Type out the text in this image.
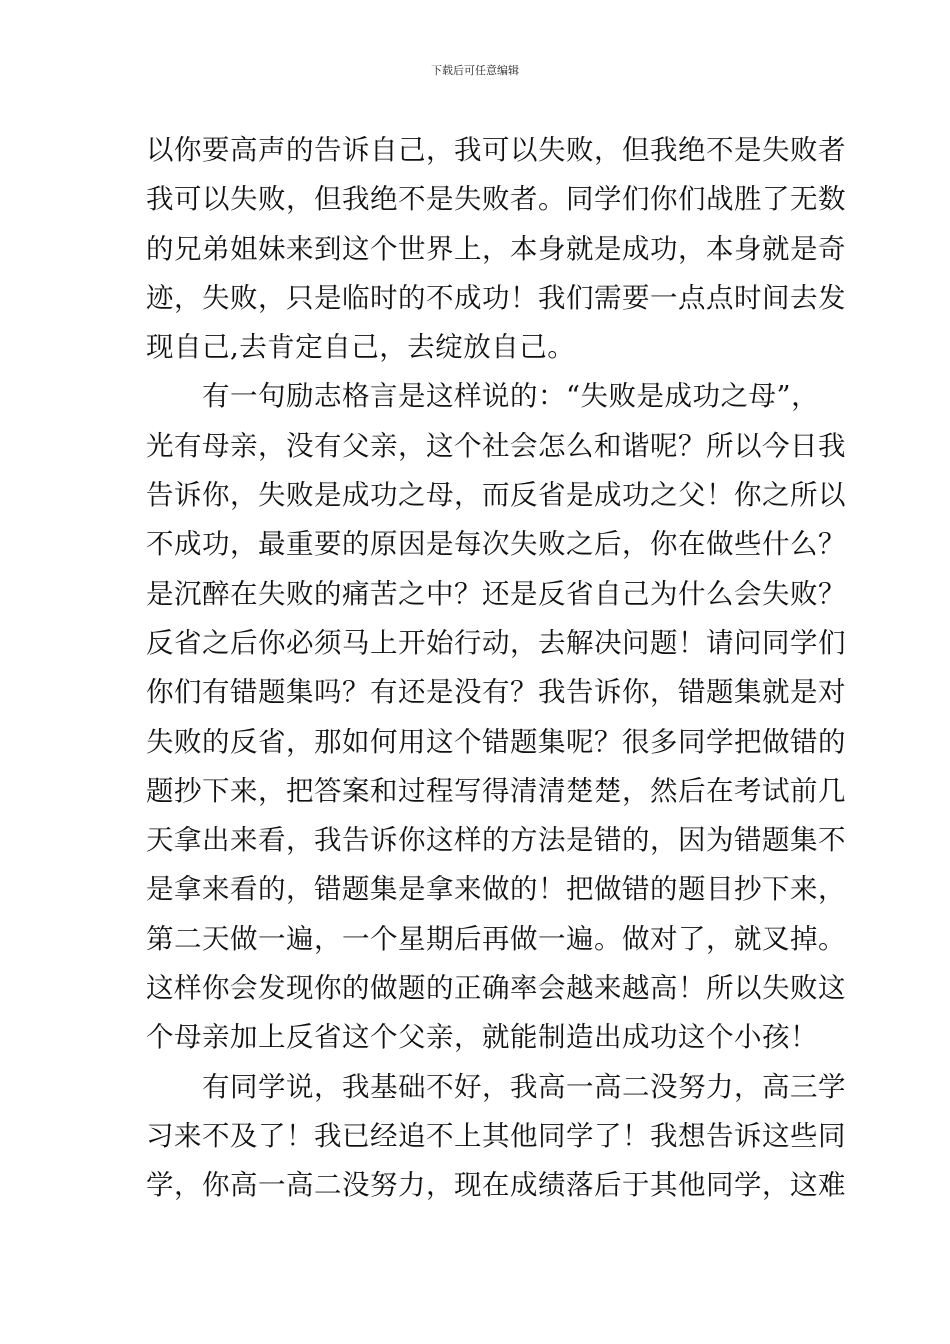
下载后可任意编辑
以你要高声的告诉自己，我可以失败，但我绝不是失败者
我可以失败，但我绝不是失败者。同学们你们战胜了无数
的兄弟姐妹来到这个世界上，本身就是成功，本身就是奇
迹，失败，只是临时的不成功！我们需要一点点时间去发
现自己,去肯定自己，去绽放自己。
有一句励志格言是这样说的：“失败是成功之母”，
光有母亲，没有父亲，这个社会怎么和谐呢？所以今日我
告诉你，失败是成功之母，而反省是成功之父！你之所以
不成功，最重要的原因是每次失败之后，你在做些什么？
是沉醉在失败的痛苦之中？还是反省自己为什么会失败？
反省之后你必须马上开始行动，去解决问题！请问同学们
你们有错题集吗？有还是没有？我告诉你，错题集就是对
失败的反省，那如何用这个错题集呢？很多同学把做错的
题抄下来，把答案和过程写得清清楚楚，然后在考试前几
天拿出来看，我告诉你这样的方法是错的，因为错题集不
是拿来看的，错题集是拿来做的！把做错的题目抄下来，
第二天做一遍，一个星期后再做一遍。做对了，就叉掉。
这样你会发现你的做题的正确率会越来越高！所以失败这
个母亲加上反省这个父亲，就能制造出成功这个小孩！
有同学说，我基础不好，我高一高二没努力，高三学
习来不及了！我已经追不上其他同学了！我想告诉这些同
学，你高一高二没努力，现在成绩落后于其他同学，这难
